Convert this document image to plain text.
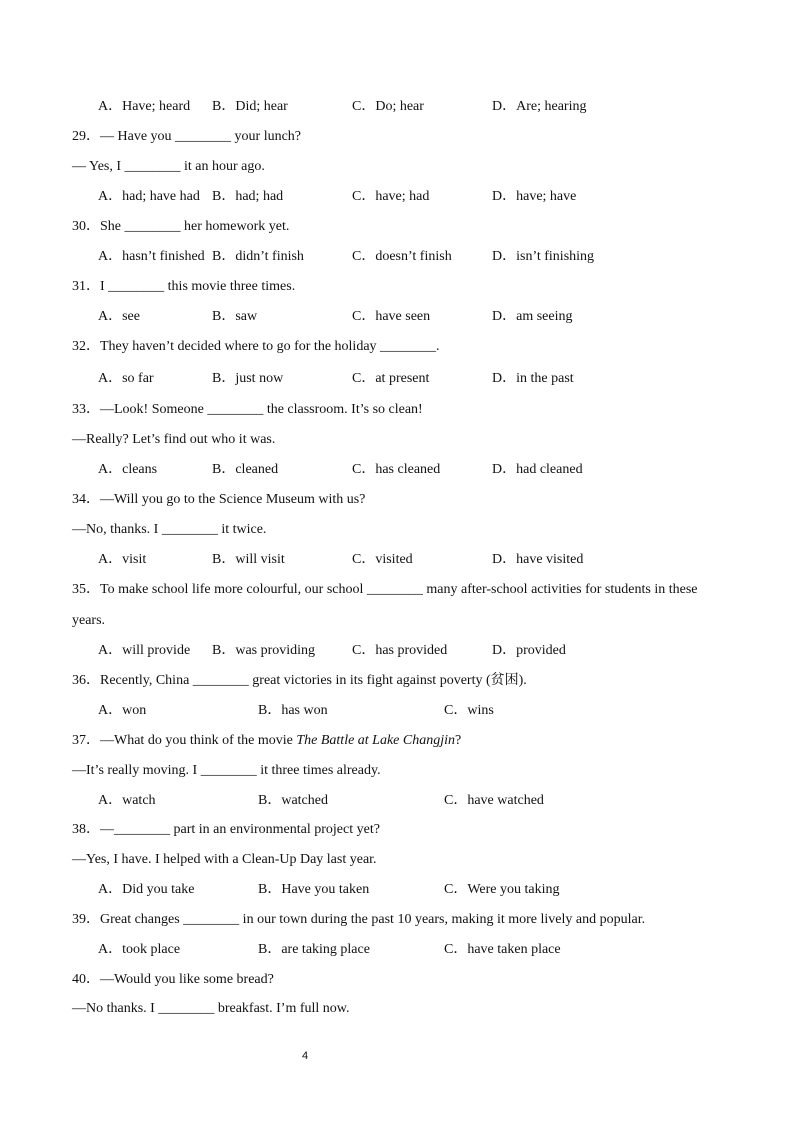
A．Have; heard B．Did; hear	C．Do; hear	D．Are; hearing
29．— Have you ________ your lunch?
— Yes, I ________ it an hour ago.
A．had; have had B．had; had	C．have; had	D．have; have
30．She ________ her homework yet.
A．hasn’t finished B．didn’t finish	C．doesn’t finish	D．isn’t finishing
31．I ________ this movie three times.
A．see	B．saw	C．have seen	D．am seeing
32．They haven’t decided where to go for the holiday ________.
A．so far	B．just now	C．at present	D．in the past
33．—Look! Someone ________ the classroom. It’s so clean!
—Really? Let’s find out who it was.
A．cleans	B．cleaned	C．has cleaned	D．had cleaned
34．—Will you go to the Science Museum with us?
—No, thanks. I ________ it twice.
A．visit	B．will visit	C．visited	D．have visited
35．To make school life more colourful, our school ________ many after-school activities for students in these
years.
A．will provide B．was providing	C．has provided	D．provided
36．Recently, China ________ great victories in its fight against poverty (贫困).
A．won	B．has won	C．wins
37．—What do you think of the movie The Battle at Lake Changjin?
—It’s really moving. I ________ it three times already.
A．watch	B．watched	C．have watched
38．—________ part in an environmental project yet?
—Yes, I have. I helped with a Clean-Up Day last year.
A．Did you take	B．Have you taken	C．Were you taking
39．Great changes ________ in our town during the past 10 years, making it more lively and popular.
A．took place	B．are taking place	C．have taken place
40．—Would you like some bread?
—No thanks. I ________ breakfast. I’m full now.
4
